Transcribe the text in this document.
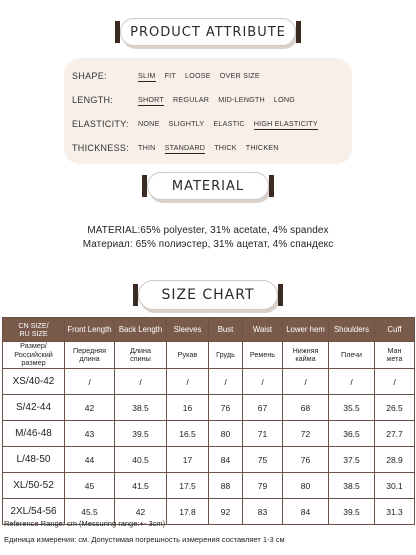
PRODUCT ATTRIBUTE
SHAPE:	SLIM FIT LOOSE OVER SIZE
LENGTH:	SHORT REGULAR MID-LENGTH LONG
ELASTICITY:	NONE SLIGHTLY ELASTIC HIGH ELASTICITY
THICKNESS:	THIN STANDARD THICK THICKEN
MATERIAL
MATERIAL:65% polyester, 31% acetate, 4% spandex
Материал: 65% полиэстер, 31% ацетат, 4% спандекс
SIZE CHART
CN SIZE/
RU SIZE	Front Length	Back Length	Sleeves	Bust	Waist	Lower hem	Shoulders	Cuff
Размер/
Российский
размер	Передняя
длина	Длина
спины	Рукав	Грудь	Ремень	Нижняя
кайма	Плечи	Ман
жета
XS/40-42	/	/	/	/	/	/	/	/
S/42-44	42	38.5	16	76	67	68	35.5	26.5
M/46-48	43	39.5	16.5	80	71	72	36.5	27.7
L/48-50	44	40.5	17	84	75	76	37.5	28.9
XL/50-52	45	41.5	17.5	88	79	80	38.5	30.1
2XL/54-56	45.5	42	17.8	92	83	84	39.5	31.3
Reference Range: cm (Messuring range:+- 3cm)
Единица измерения: см. Допустимая погрешность измерения составляет 1-3 см
